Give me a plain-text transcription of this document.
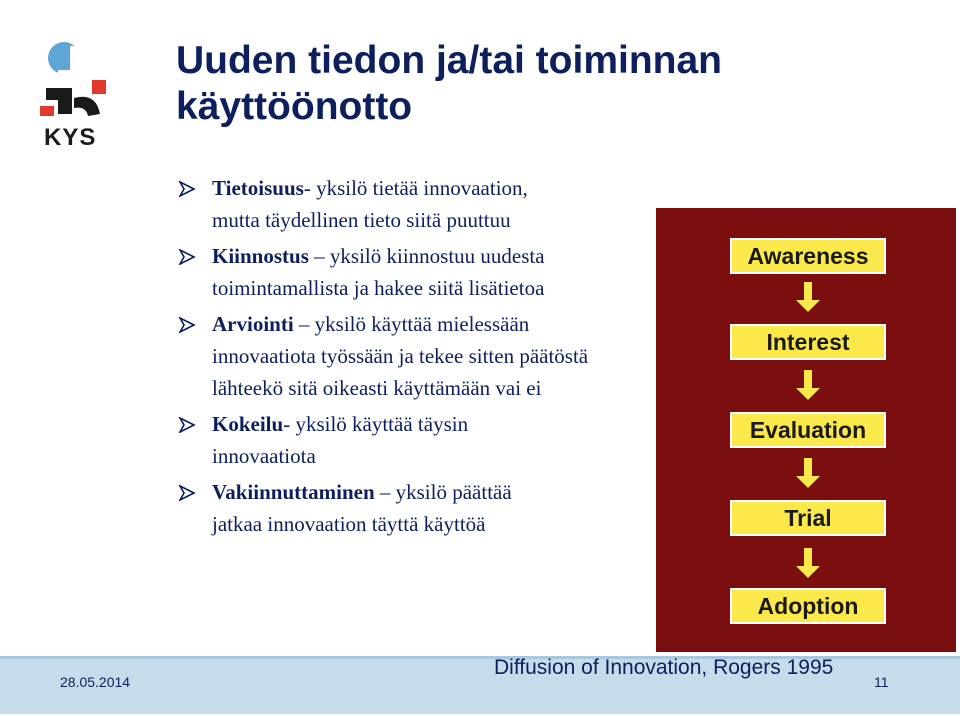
KYS
Uuden tiedon ja/tai toiminnan käyttöönotto
Tietoisuus- yksilö tietää innovaation,
mutta täydellinen tieto siitä puuttuu
Kiinnostus – yksilö kiinnostuu uudesta
toimintamallista ja hakee siitä lisätietoa
Arviointi – yksilö käyttää mielessään
innovaatiota työssään ja tekee sitten päätöstä lähteekö sitä oikeasti käyttämään vai ei
Kokeilu- yksilö käyttää täysin
innovaatiota
Vakiinnuttaminen – yksilö päättää
jatkaa innovaation täyttä käyttöä
Awareness
Interest
Evaluation
Trial
Adoption
28.05.2014
Diffusion of Innovation, Rogers 1995
11
